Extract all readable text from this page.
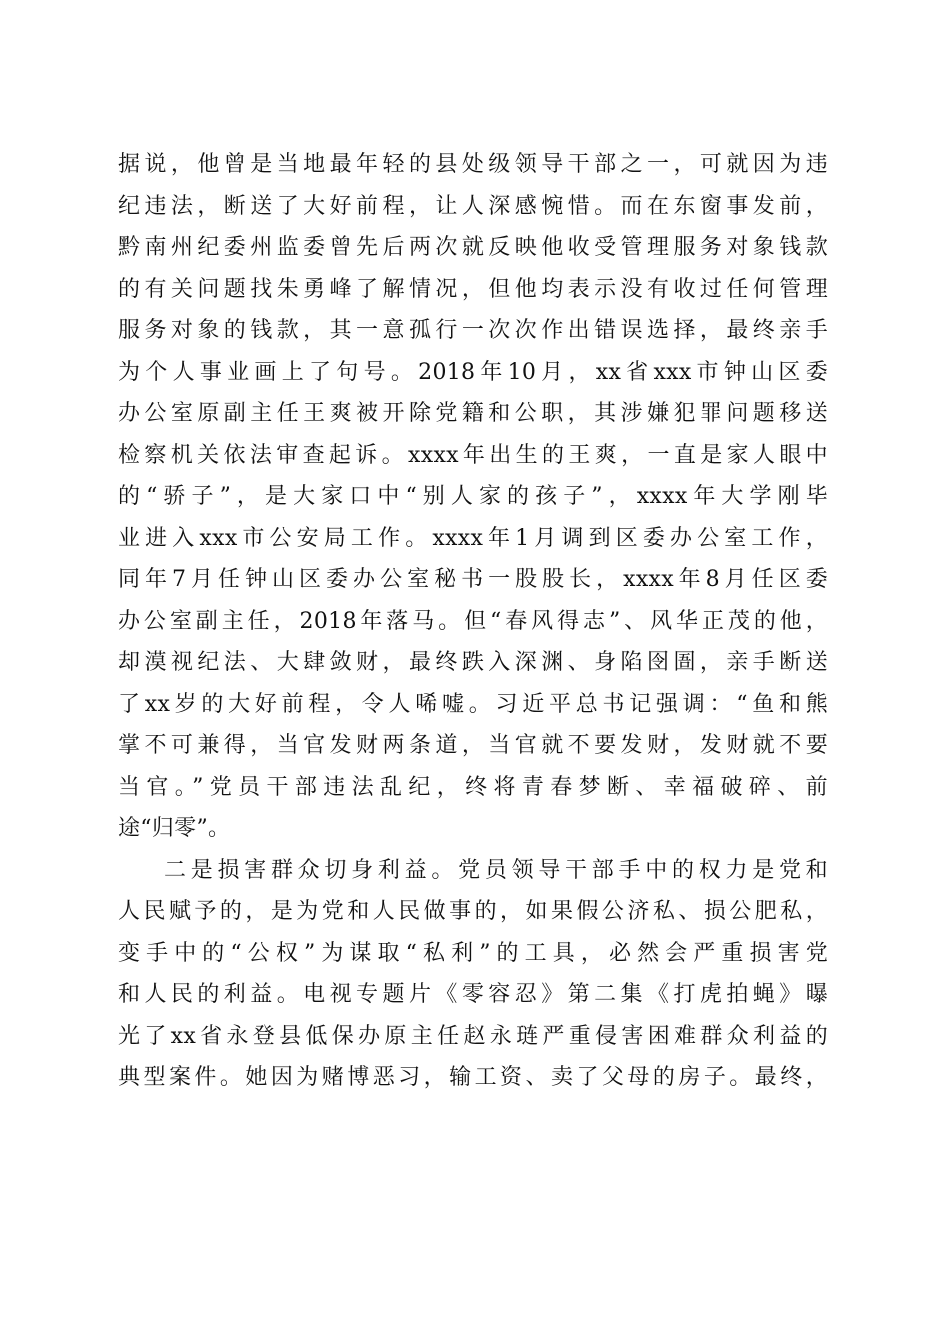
据说，他曾是当地最年轻的县处级领导干部之一，可就因为违
纪违法，断送了大好前程，让人深感惋惜。而在东窗事发前，
黔南州纪委州监委曾先后两次就反映他收受管理服务对象钱款
的有关问题找朱勇峰了解情况，但他均表示没有收过任何管理
服务对象的钱款，其一意孤行一次次作出错误选择，最终亲手
为个人事业画上了句号。2018年10月，xx省xxx市钟山区委
办公室原副主任王爽被开除党籍和公职，其涉嫌犯罪问题移送
检察机关依法审查起诉。xxxx年出生的王爽，一直是家人眼中
的“骄子”，是大家口中“别人家的孩子”，xxxx年大学刚毕
业进入xxx市公安局工作。xxxx年1月调到区委办公室工作，
同年7月任钟山区委办公室秘书一股股长，xxxx年8月任区委
办公室副主任，2018年落马。但“春风得志”、风华正茂的他，
却漠视纪法、大肆敛财，最终跌入深渊、身陷囹圄，亲手断送
了xx岁的大好前程，令人唏嘘。习近平总书记强调：“鱼和熊
掌不可兼得，当官发财两条道，当官就不要发财，发财就不要
当官。”党员干部违法乱纪，终将青春梦断、幸福破碎、前
途“归零”。
二是损害群众切身利益。党员领导干部手中的权力是党和
人民赋予的，是为党和人民做事的，如果假公济私、损公肥私，
变手中的“公权”为谋取“私利”的工具，必然会严重损害党
和人民的利益。电视专题片《零容忍》第二集《打虎拍蝇》曝
光了xx省永登县低保办原主任赵永琏严重侵害困难群众利益的
典型案件。她因为赌博恶习，输工资、卖了父母的房子。最终，
